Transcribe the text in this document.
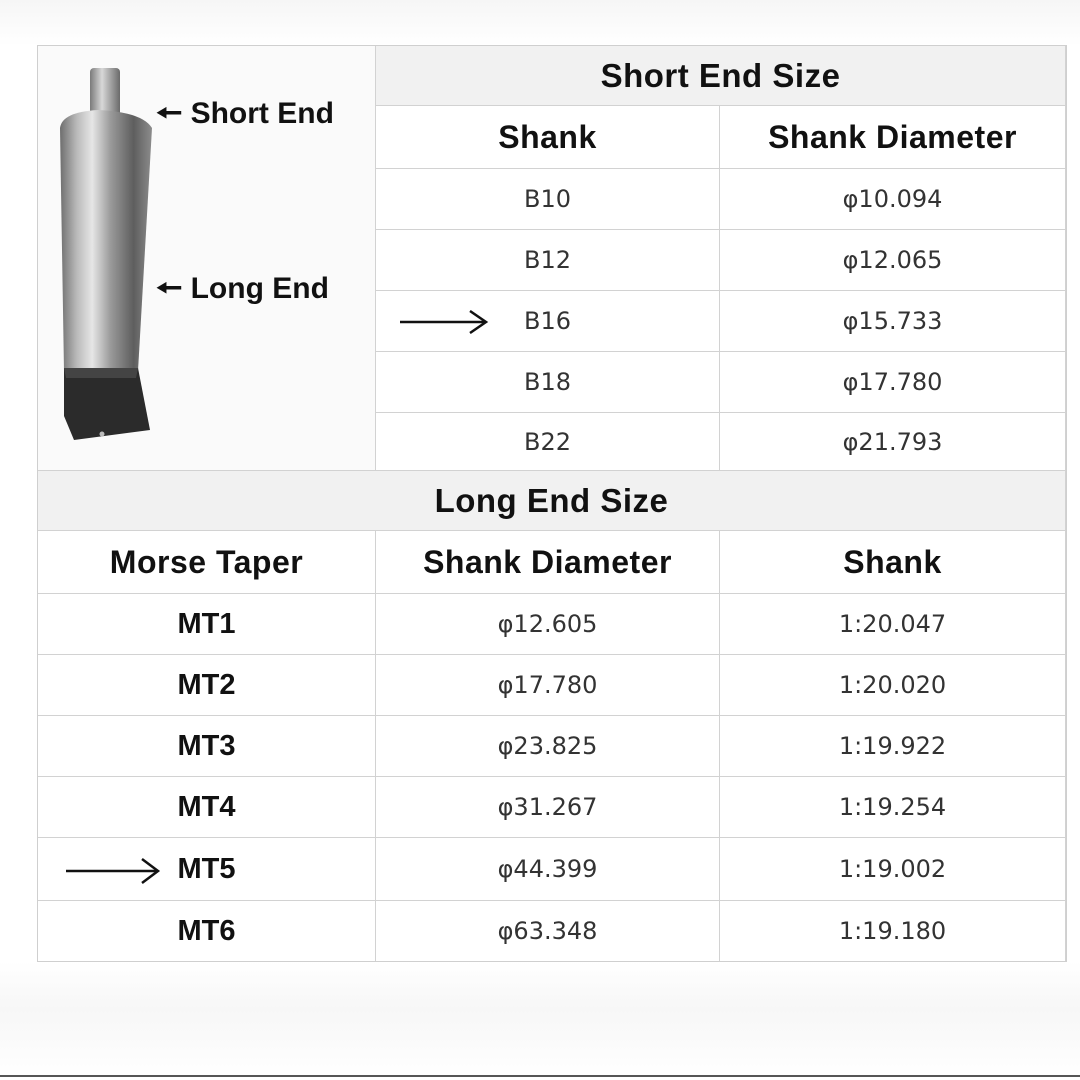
🠔 Short End
🠔 Long End
Short End Size
Shank	Shank Diameter
B10	φ10.094
B12	φ12.065
B16	φ15.733
B18	φ17.780
B22	φ21.793
Long End Size
Morse Taper	Shank Diameter	Shank
MT1	φ12.605	1:20.047
MT2	φ17.780	1:20.020
MT3	φ23.825	1:19.922
MT4	φ31.267	1:19.254
MT5	φ44.399	1:19.002
MT6	φ63.348	1:19.180
